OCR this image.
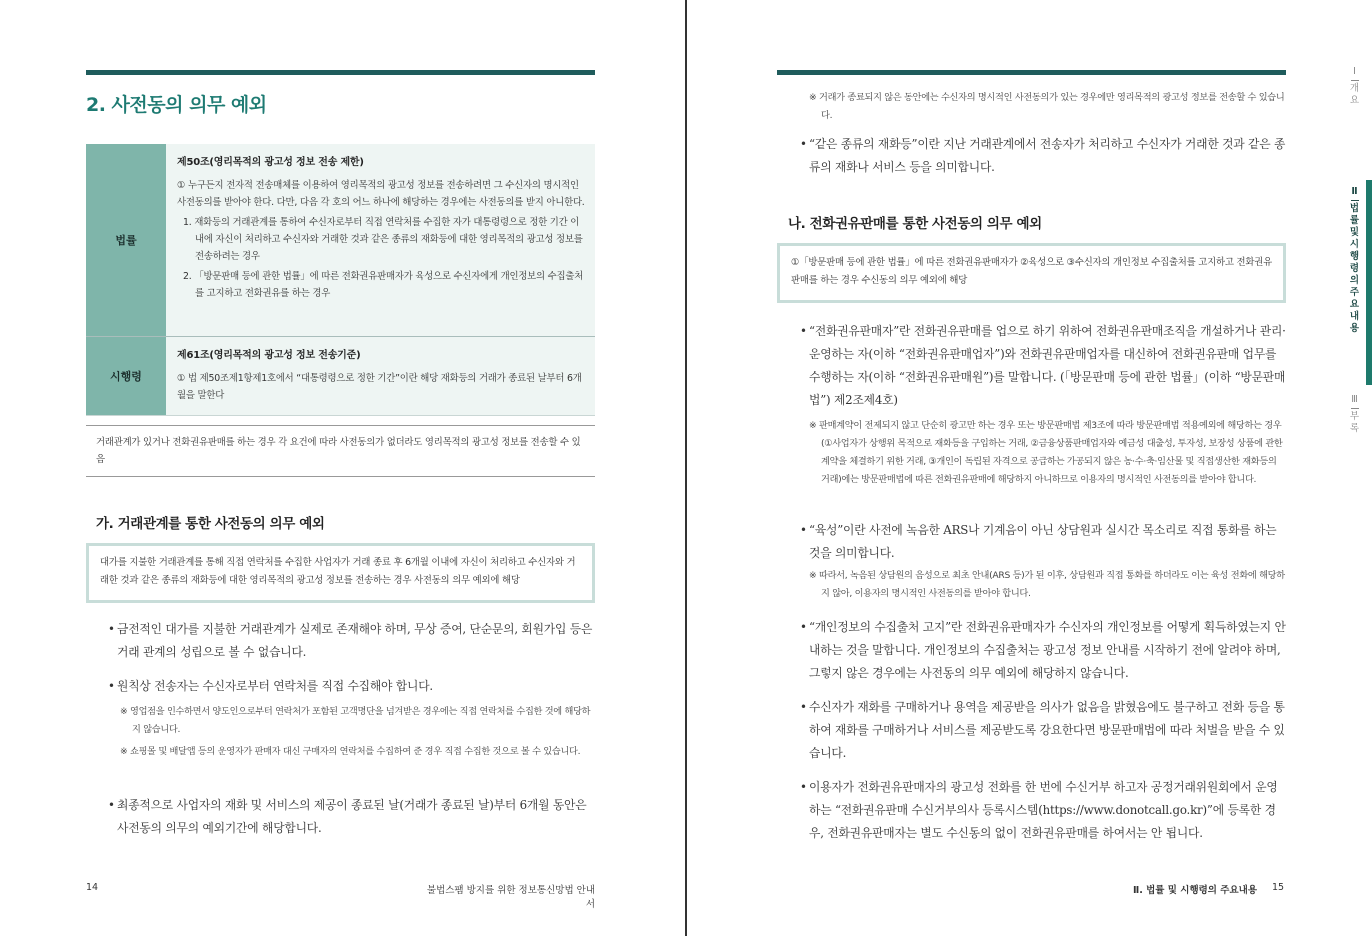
2. 사전동의 의무 예외
법률
제50조(영리목적의 광고성 정보 전송 제한)
① 누구든지 전자적 전송매체를 이용하여 영리목적의 광고성 정보를 전송하려면 그 수신자의 명시적인 사전동의를 받아야 한다. 다만, 다음 각 호의 어느 하나에 해당하는 경우에는 사전동의를 받지 아니한다.
1. 재화등의 거래관계를 통하여 수신자로부터 직접 연락처를 수집한 자가 대통령령으로 정한 기간 이내에 자신이 처리하고 수신자와 거래한 것과 같은 종류의 재화등에 대한 영리목적의 광고성 정보를 전송하려는 경우
2. 「방문판매 등에 관한 법률」에 따른 전화권유판매자가 육성으로 수신자에게 개인정보의 수집출처를 고지하고 전화권유를 하는 경우
시행령
제61조(영리목적의 광고성 정보 전송기준)
① 법 제50조제1항제1호에서 “대통령령으로 정한 기간”이란 해당 재화등의 거래가 종료된 날부터 6개월을 말한다
거래관계가 있거나 전화권유판매를 하는 경우 각 요건에 따라 사전동의가 없더라도 영리목적의 광고성 정보를 전송할 수 있음
가. 거래관계를 통한 사전동의 의무 예외
대가를 지불한 거래관계를 통해 직접 연락처를 수집한 사업자가 거래 종료 후 6개월 이내에 자신이 처리하고 수신자와 거래한 것과 같은 종류의 재화등에 대한 영리목적의 광고성 정보를 전송하는 경우 사전동의 의무 예외에 해당
• 금전적인 대가를 지불한 거래관계가 실제로 존재해야 하며, 무상 증여, 단순문의, 회원가입 등은 거래 관계의 성립으로 볼 수 없습니다.
• 원칙상 전송자는 수신자로부터 연락처를 직접 수집해야 합니다.
※ 영업점을 인수하면서 양도인으로부터 연락처가 포함된 고객명단을 넘겨받은 경우에는 직접 연락처를 수집한 것에 해당하지 않습니다.
※ 쇼핑몰 및 배달앱 등의 운영자가 판매자 대신 구매자의 연락처를 수집하여 준 경우 직접 수집한 것으로 볼 수 있습니다.
• 최종적으로 사업자의 재화 및 서비스의 제공이 종료된 날(거래가 종료된 날)부터 6개월 동안은 사전동의 의무의 예외기간에 해당합니다.
14	불법스팸 방지를 위한 정보통신망법 안내서
※ 거래가 종료되지 않은 동안에는 수신자의 명시적인 사전동의가 있는 경우에만 영리목적의 광고성 정보를 전송할 수 있습니다.
• “같은 종류의 재화등”이란 지난 거래관계에서 전송자가 처리하고 수신자가 거래한 것과 같은 종류의 재화나 서비스 등을 의미합니다.
나. 전화권유판매를 통한 사전동의 의무 예외
①「방문판매 등에 관한 법률」에 따른 전화권유판매자가 ②육성으로 ③수신자의 개인정보 수집출처를 고지하고 전화권유판매를 하는 경우 수신동의 의무 예외에 해당
• “전화권유판매자”란 전화권유판매를 업으로 하기 위하여 전화권유판매조직을 개설하거나 관리·운영하는 자(이하 “전화권유판매업자”)와 전화권유판매업자를 대신하여 전화권유판매 업무를 수행하는 자(이하 “전화권유판매원”)를 말합니다. (「방문판매 등에 관한 법률」(이하 “방문판매법”) 제2조제4호)
※ 판매계약이 전제되지 않고 단순히 광고만 하는 경우 또는 방문판매법 제3조에 따라 방문판매법 적용예외에 해당하는 경우(①사업자가 상행위 목적으로 재화등을 구입하는 거래, ②금융상품판매업자와 예금성 대출성, 투자성, 보장성 상품에 관한 계약을 체결하기 위한 거래, ③개인이 독립된 자격으로 공급하는 가공되지 않은 농·수·축·임산물 및 직접생산한 재화등의 거래)에는 방문판매법에 따른 전화권유판매에 해당하지 아니하므로 이용자의 명시적인 사전동의를 받아야 합니다.
• “육성”이란 사전에 녹음한 ARS나 기계음이 아닌 상담원과 실시간 목소리로 직접 통화를 하는 것을 의미합니다.
※ 따라서, 녹음된 상담원의 음성으로 최초 안내(ARS 등)가 된 이후, 상담원과 직접 통화를 하더라도 이는 육성 전화에 해당하지 않아, 이용자의 명시적인 사전동의를 받아야 합니다.
• “개인정보의 수집출처 고지”란 전화권유판매자가 수신자의 개인정보를 어떻게 획득하였는지 안내하는 것을 말합니다. 개인정보의 수집출처는 광고성 정보 안내를 시작하기 전에 알려야 하며, 그렇지 않은 경우에는 사전동의 의무 예외에 해당하지 않습니다.
• 수신자가 재화를 구매하거나 용역을 제공받을 의사가 없음을 밝혔음에도 불구하고 전화 등을 통하여 재화를 구매하거나 서비스를 제공받도록 강요한다면 방문판매법에 따라 처벌을 받을 수 있습니다.
• 이용자가 전화권유판매자의 광고성 전화를 한 번에 수신거부 하고자 공정거래위원회에서 운영하는 “전화권유판매 수신거부의사 등록시스템(https://www.donotcall.go.kr)”에 등록한 경우, 전화권유판매자는 별도 수신동의 없이 전화권유판매를 하여서는 안 됩니다.
Ⅱ. 법률 및 시행령의 주요내용 15
Ⅰ
개
요
Ⅱ
법
률
및
시
행
령
의
주
요
내
용
Ⅲ
부
록
